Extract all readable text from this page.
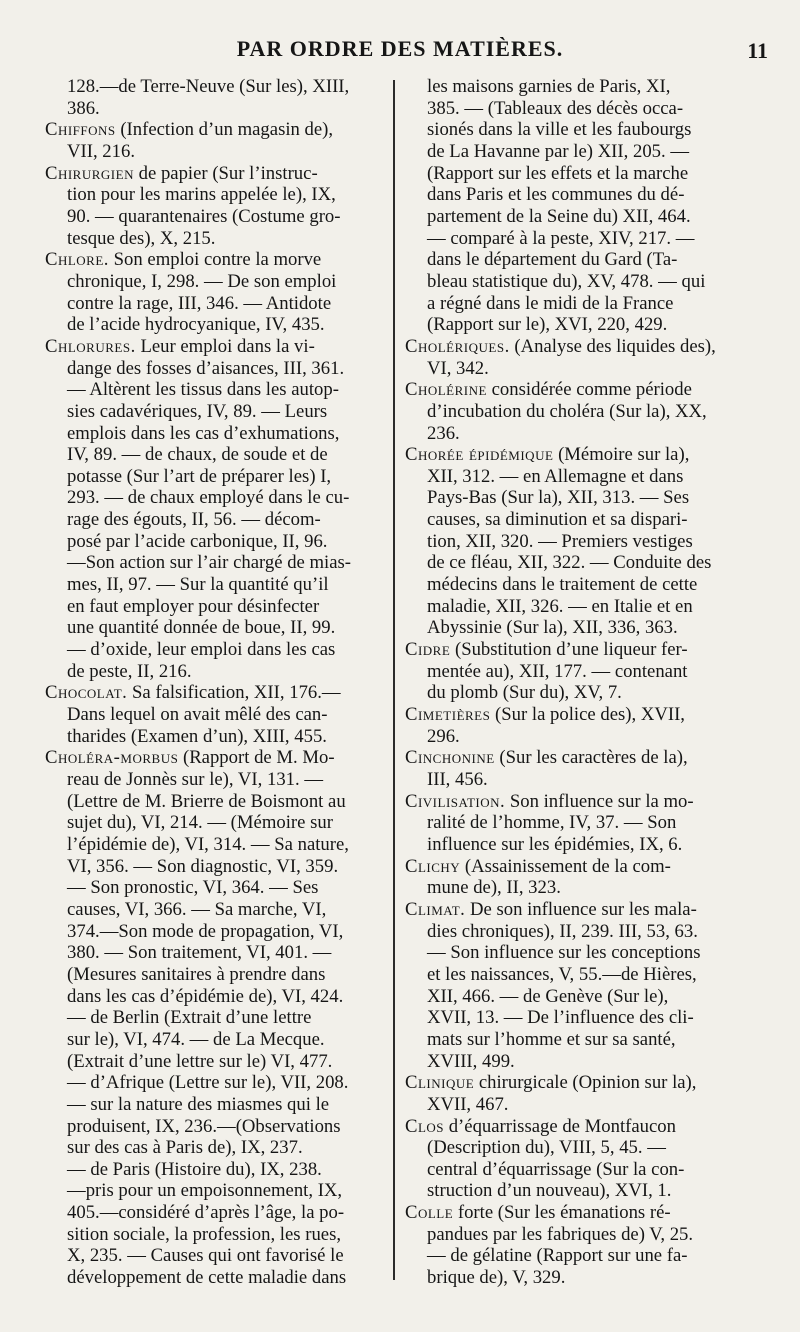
PAR ORDRE DES MATIÈRES.	11
128.—de Terre-Neuve (Sur les), XIII,
386.
Chiffons (Infection d’un magasin de),
VII, 216.
Chirurgien de papier (Sur l’instruc-
tion pour les marins appelée le), IX,
90. — quarantenaires (Costume gro-
tesque des), X, 215.
Chlore. Son emploi contre la morve
chronique, I, 298. — De son emploi
contre la rage, III, 346. — Antidote
de l’acide hydrocyanique, IV, 435.
Chlorures. Leur emploi dans la vi-
dange des fosses d’aisances, III, 361.
— Altèrent les tissus dans les autop-
sies cadavériques, IV, 89. — Leurs
emplois dans les cas d’exhumations,
IV, 89. — de chaux, de soude et de
potasse (Sur l’art de préparer les) I,
293. — de chaux employé dans le cu-
rage des égouts, II, 56. — décom-
posé par l’acide carbonique, II, 96.
—Son action sur l’air chargé de mias-
mes, II, 97. — Sur la quantité qu’il
en faut employer pour désinfecter
une quantité donnée de boue, II, 99.
— d’oxide, leur emploi dans les cas
de peste, II, 216.
Chocolat. Sa falsification, XII, 176.—
Dans lequel on avait mêlé des can-
tharides (Examen d’un), XIII, 455.
Choléra-morbus (Rapport de M. Mo-
reau de Jonnès sur le), VI, 131. —
(Lettre de M. Brierre de Boismont au
sujet du), VI, 214. — (Mémoire sur
l’épidémie de), VI, 314. — Sa nature,
VI, 356. — Son diagnostic, VI, 359.
— Son pronostic, VI, 364. — Ses
causes, VI, 366. — Sa marche, VI,
374.—Son mode de propagation, VI,
380. — Son traitement, VI, 401. —
(Mesures sanitaires à prendre dans
dans les cas d’épidémie de), VI, 424.
— de Berlin (Extrait d’une lettre
sur le), VI, 474. — de La Mecque.
(Extrait d’une lettre sur le) VI, 477.
— d’Afrique (Lettre sur le), VII, 208.
— sur la nature des miasmes qui le
produisent, IX, 236.—(Observations
sur des cas à Paris de), IX, 237.
— de Paris (Histoire du), IX, 238.
—pris pour un empoisonnement, IX,
405.—considéré d’après l’âge, la po-
sition sociale, la profession, les rues,
X, 235. — Causes qui ont favorisé le
développement de cette maladie dans
les maisons garnies de Paris, XI,
385. — (Tableaux des décès occa-
sionés dans la ville et les faubourgs
de La Havanne par le) XII, 205. —
(Rapport sur les effets et la marche
dans Paris et les communes du dé-
partement de la Seine du) XII, 464.
— comparé à la peste, XIV, 217. —
dans le département du Gard (Ta-
bleau statistique du), XV, 478. — qui
a régné dans le midi de la France
(Rapport sur le), XVI, 220, 429.
Cholériques. (Analyse des liquides des),
VI, 342.
Cholérine considérée comme période
d’incubation du choléra (Sur la), XX,
236.
Chorée épidémique (Mémoire sur la),
XII, 312. — en Allemagne et dans
Pays-Bas (Sur la), XII, 313. — Ses
causes, sa diminution et sa dispari-
tion, XII, 320. — Premiers vestiges
de ce fléau, XII, 322. — Conduite des
médecins dans le traitement de cette
maladie, XII, 326. — en Italie et en
Abyssinie (Sur la), XII, 336, 363.
Cidre (Substitution d’une liqueur fer-
mentée au), XII, 177. — contenant
du plomb (Sur du), XV, 7.
Cimetières (Sur la police des), XVII,
296.
Cinchonine (Sur les caractères de la),
III, 456.
Civilisation. Son influence sur la mo-
ralité de l’homme, IV, 37. — Son
influence sur les épidémies, IX, 6.
Clichy (Assainissement de la com-
mune de), II, 323.
Climat. De son influence sur les mala-
dies chroniques), II, 239. III, 53, 63.
— Son influence sur les conceptions
et les naissances, V, 55.—de Hières,
XII, 466. — de Genève (Sur le),
XVII, 13. — De l’influence des cli-
mats sur l’homme et sur sa santé,
XVIII, 499.
Clinique chirurgicale (Opinion sur la),
XVII, 467.
Clos d’équarrissage de Montfaucon
(Description du), VIII, 5, 45. —
central d’équarrissage (Sur la con-
struction d’un nouveau), XVI, 1.
Colle forte (Sur les émanations ré-
pandues par les fabriques de) V, 25.
— de gélatine (Rapport sur une fa-
brique de), V, 329.
